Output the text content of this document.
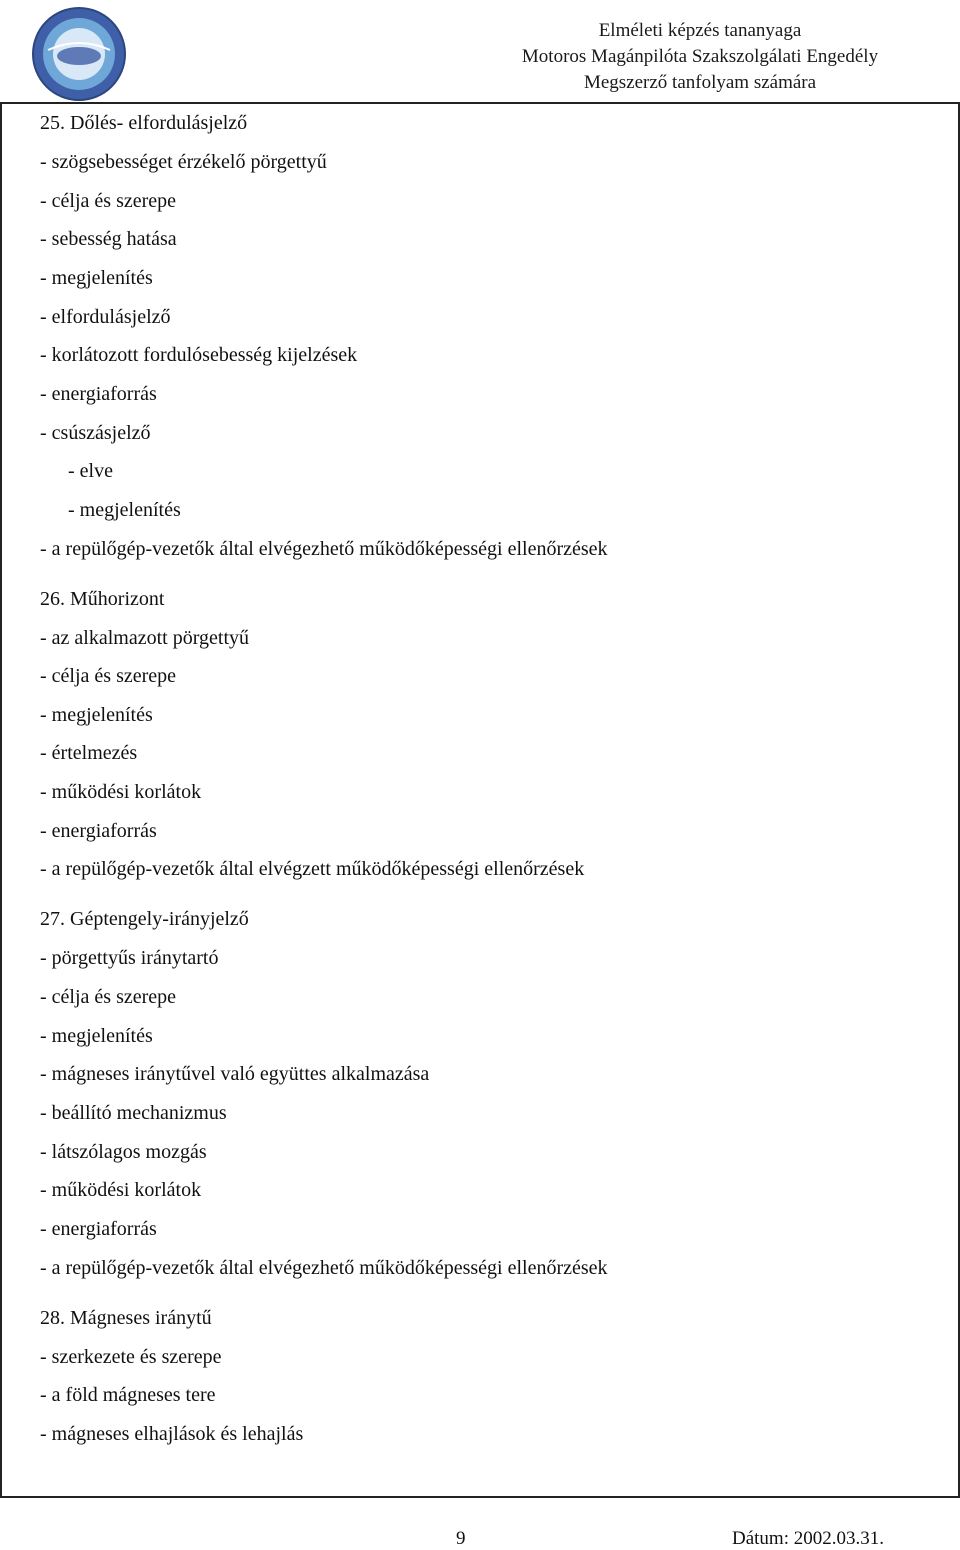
Elméleti képzés tananyaga
Motoros Magánpilóta Szakszolgálati Engedély
Megszerző tanfolyam számára
25. Dőlés- elfordulásjelző
- szögsebességet érzékelő pörgettyű
- célja és szerepe
- sebesség hatása
- megjelenítés
- elfordulásjelző
- korlátozott fordulósebesség kijelzések
- energiaforrás
- csúszásjelző
- elve
- megjelenítés
- a repülőgép-vezetők által elvégezhető működőképességi ellenőrzések
26. Műhorizont
- az alkalmazott pörgettyű
- célja és szerepe
- megjelenítés
- értelmezés
- működési korlátok
- energiaforrás
- a repülőgép-vezetők által elvégzett működőképességi ellenőrzések
27. Géptengely-irányjelző
- pörgettyűs iránytartó
- célja és szerepe
- megjelenítés
- mágneses iránytűvel való együttes alkalmazása
- beállító mechanizmus
- látszólagos mozgás
- működési korlátok
- energiaforrás
- a repülőgép-vezetők által elvégezhető működőképességi ellenőrzések
28. Mágneses iránytű
- szerkezete és szerepe
- a föld mágneses tere
- mágneses elhajlások és lehajlás
9	Dátum: 2002.03.31.
